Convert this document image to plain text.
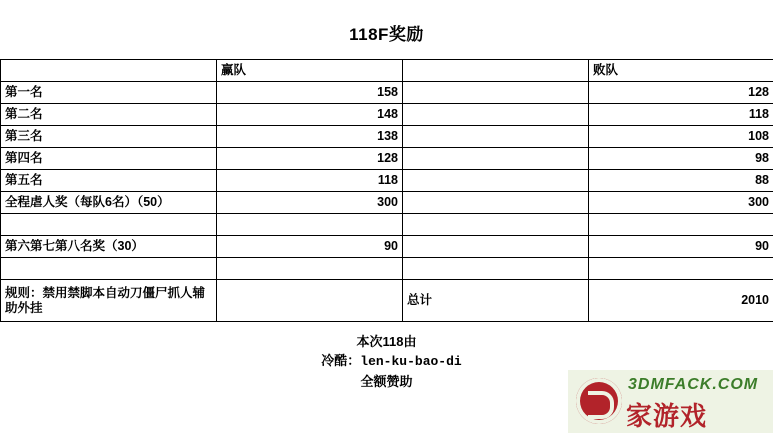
118F奖励
	赢队		败队
第一名	158		128
第二名	148		118
第三名	138		108
第四名	128		98
第五名	118		88
全程虐人奖（每队6名）（50）	300		300

第六第七第八名奖（30）	90		90

规则：禁用禁脚本自动刀僵尸抓人辅助外挂		总计	2010
本次118由
冷酷：len-ku-bao-di
全额赞助	3DMFACK.COM
家游戏
